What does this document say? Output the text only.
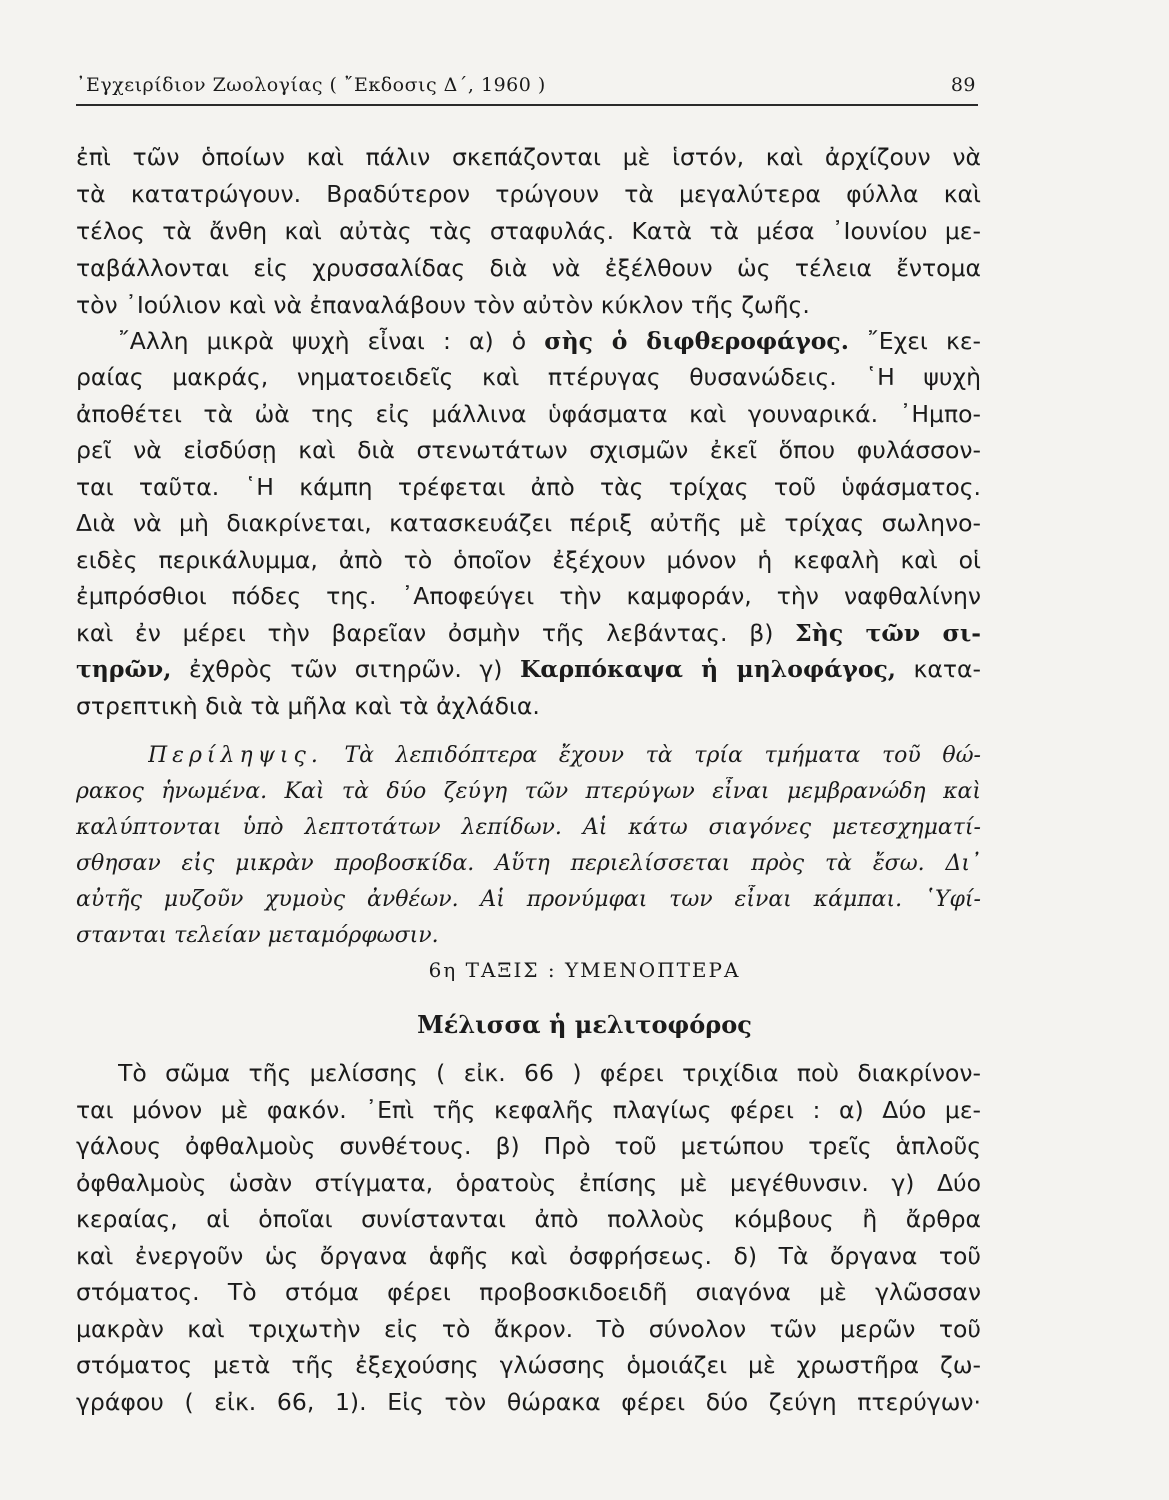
᾿Εγχειρίδιον Ζωολογίας ( ῎Εκδοσις Δ΄, 1960 )	89
ἐπὶ τῶν ὁποίων καὶ πάλιν σκεπάζονται μὲ ἱστόν, καὶ ἀρχίζουν νὰ
τὰ κατατρώγουν. Βραδύτερον τρώγουν τὰ μεγαλύτερα φύλλα καὶ
τέλος τὰ ἄνθη καὶ αὐτὰς τὰς σταφυλάς. Κατὰ τὰ μέσα ᾿Ιουνίου με-
ταβάλλονται εἰς χρυσσαλίδας διὰ νὰ ἐξέλθουν ὡς τέλεια ἔντομα
τὸν ᾿Ιούλιον καὶ νὰ ἐπαναλάβουν τὸν αὐτὸν κύκλον τῆς ζωῆς.
῎Αλλη μικρὰ ψυχὴ εἶναι : α) ὁ σὴς ὁ διφθεροφάγος. ῎Εχει κε-
ραίας μακράς, νηματοειδεῖς καὶ πτέρυγας θυσανώδεις. ῾Η ψυχὴ
ἀποθέτει τὰ ὠὰ της εἰς μάλλινα ὑφάσματα καὶ γουναρικά. ᾿Ημπο-
ρεῖ νὰ εἰσδύσῃ καὶ διὰ στενωτάτων σχισμῶν ἐκεῖ ὅπου φυλάσσον-
ται ταῦτα. ῾Η κάμπη τρέφεται ἀπὸ τὰς τρίχας τοῦ ὑφάσματος.
Διὰ νὰ μὴ διακρίνεται, κατασκευάζει πέριξ αὐτῆς μὲ τρίχας σωληνο-
ειδὲς περικάλυμμα, ἀπὸ τὸ ὁποῖον ἐξέχουν μόνον ἡ κεφαλὴ καὶ οἱ
ἐμπρόσθιοι πόδες της. ᾿Αποφεύγει τὴν καμφοράν, τὴν ναφθαλίνην
καὶ ἐν μέρει τὴν βαρεῖαν ὀσμὴν τῆς λεβάντας. β) Σὴς τῶν σι-
τηρῶν, ἐχθρὸς τῶν σιτηρῶν. γ) Καρπόκαψα ἡ μηλοφάγος, κατα-
στρεπτικὴ διὰ τὰ μῆλα καὶ τὰ ἀχλάδια.
Περίληψις. Τὰ λεπιδόπτερα ἔχουν τὰ τρία τμήματα τοῦ θώ-
ρακος ἡνωμένα. Καὶ τὰ δύο ζεύγη τῶν πτερύγων εἶναι μεμβρανώδη καὶ
καλύπτονται ὑπὸ λεπτοτάτων λεπίδων. Αἱ κάτω σιαγόνες μετεσχηματί-
σθησαν εἰς μικρὰν προβοσκίδα. Αὕτη περιελίσσεται πρὸς τὰ ἔσω. Δι᾿
αὐτῆς μυζοῦν χυμοὺς ἀνθέων. Αἱ προνύμφαι των εἶναι κάμπαι. ῾Υφί-
στανται τελείαν μεταμόρφωσιν.
6η ΤΑΞΙΣ : ΥΜΕΝΟΠΤΕΡΑ
Μέλισσα ἡ μελιτοφόρος
Τὸ σῶμα τῆς μελίσσης ( εἰκ. 66 ) φέρει τριχίδια ποὺ διακρίνον-
ται μόνον μὲ φακόν. ᾿Επὶ τῆς κεφαλῆς πλαγίως φέρει : α) Δύο με-
γάλους ὀφθαλμοὺς συνθέτους. β) Πρὸ τοῦ μετώπου τρεῖς ἁπλοῦς
ὀφθαλμοὺς ὡσὰν στίγματα, ὁρατοὺς ἐπίσης μὲ μεγέθυνσιν. γ) Δύο
κεραίας, αἱ ὁποῖαι συνίστανται ἀπὸ πολλοὺς κόμβους ἢ ἄρθρα
καὶ ἐνεργοῦν ὡς ὄργανα ἁφῆς καὶ ὀσφρήσεως. δ) Τὰ ὄργανα τοῦ
στόματος. Τὸ στόμα φέρει προβοσκιδοειδῆ σιαγόνα μὲ γλῶσσαν
μακρὰν καὶ τριχωτὴν εἰς τὸ ἄκρον. Τὸ σύνολον τῶν μερῶν τοῦ
στόματος μετὰ τῆς ἐξεχούσης γλώσσης ὁμοιάζει μὲ χρωστῆρα ζω-
γράφου ( εἰκ. 66, 1). Εἰς τὸν θώρακα φέρει δύο ζεύγη πτερύγων·
